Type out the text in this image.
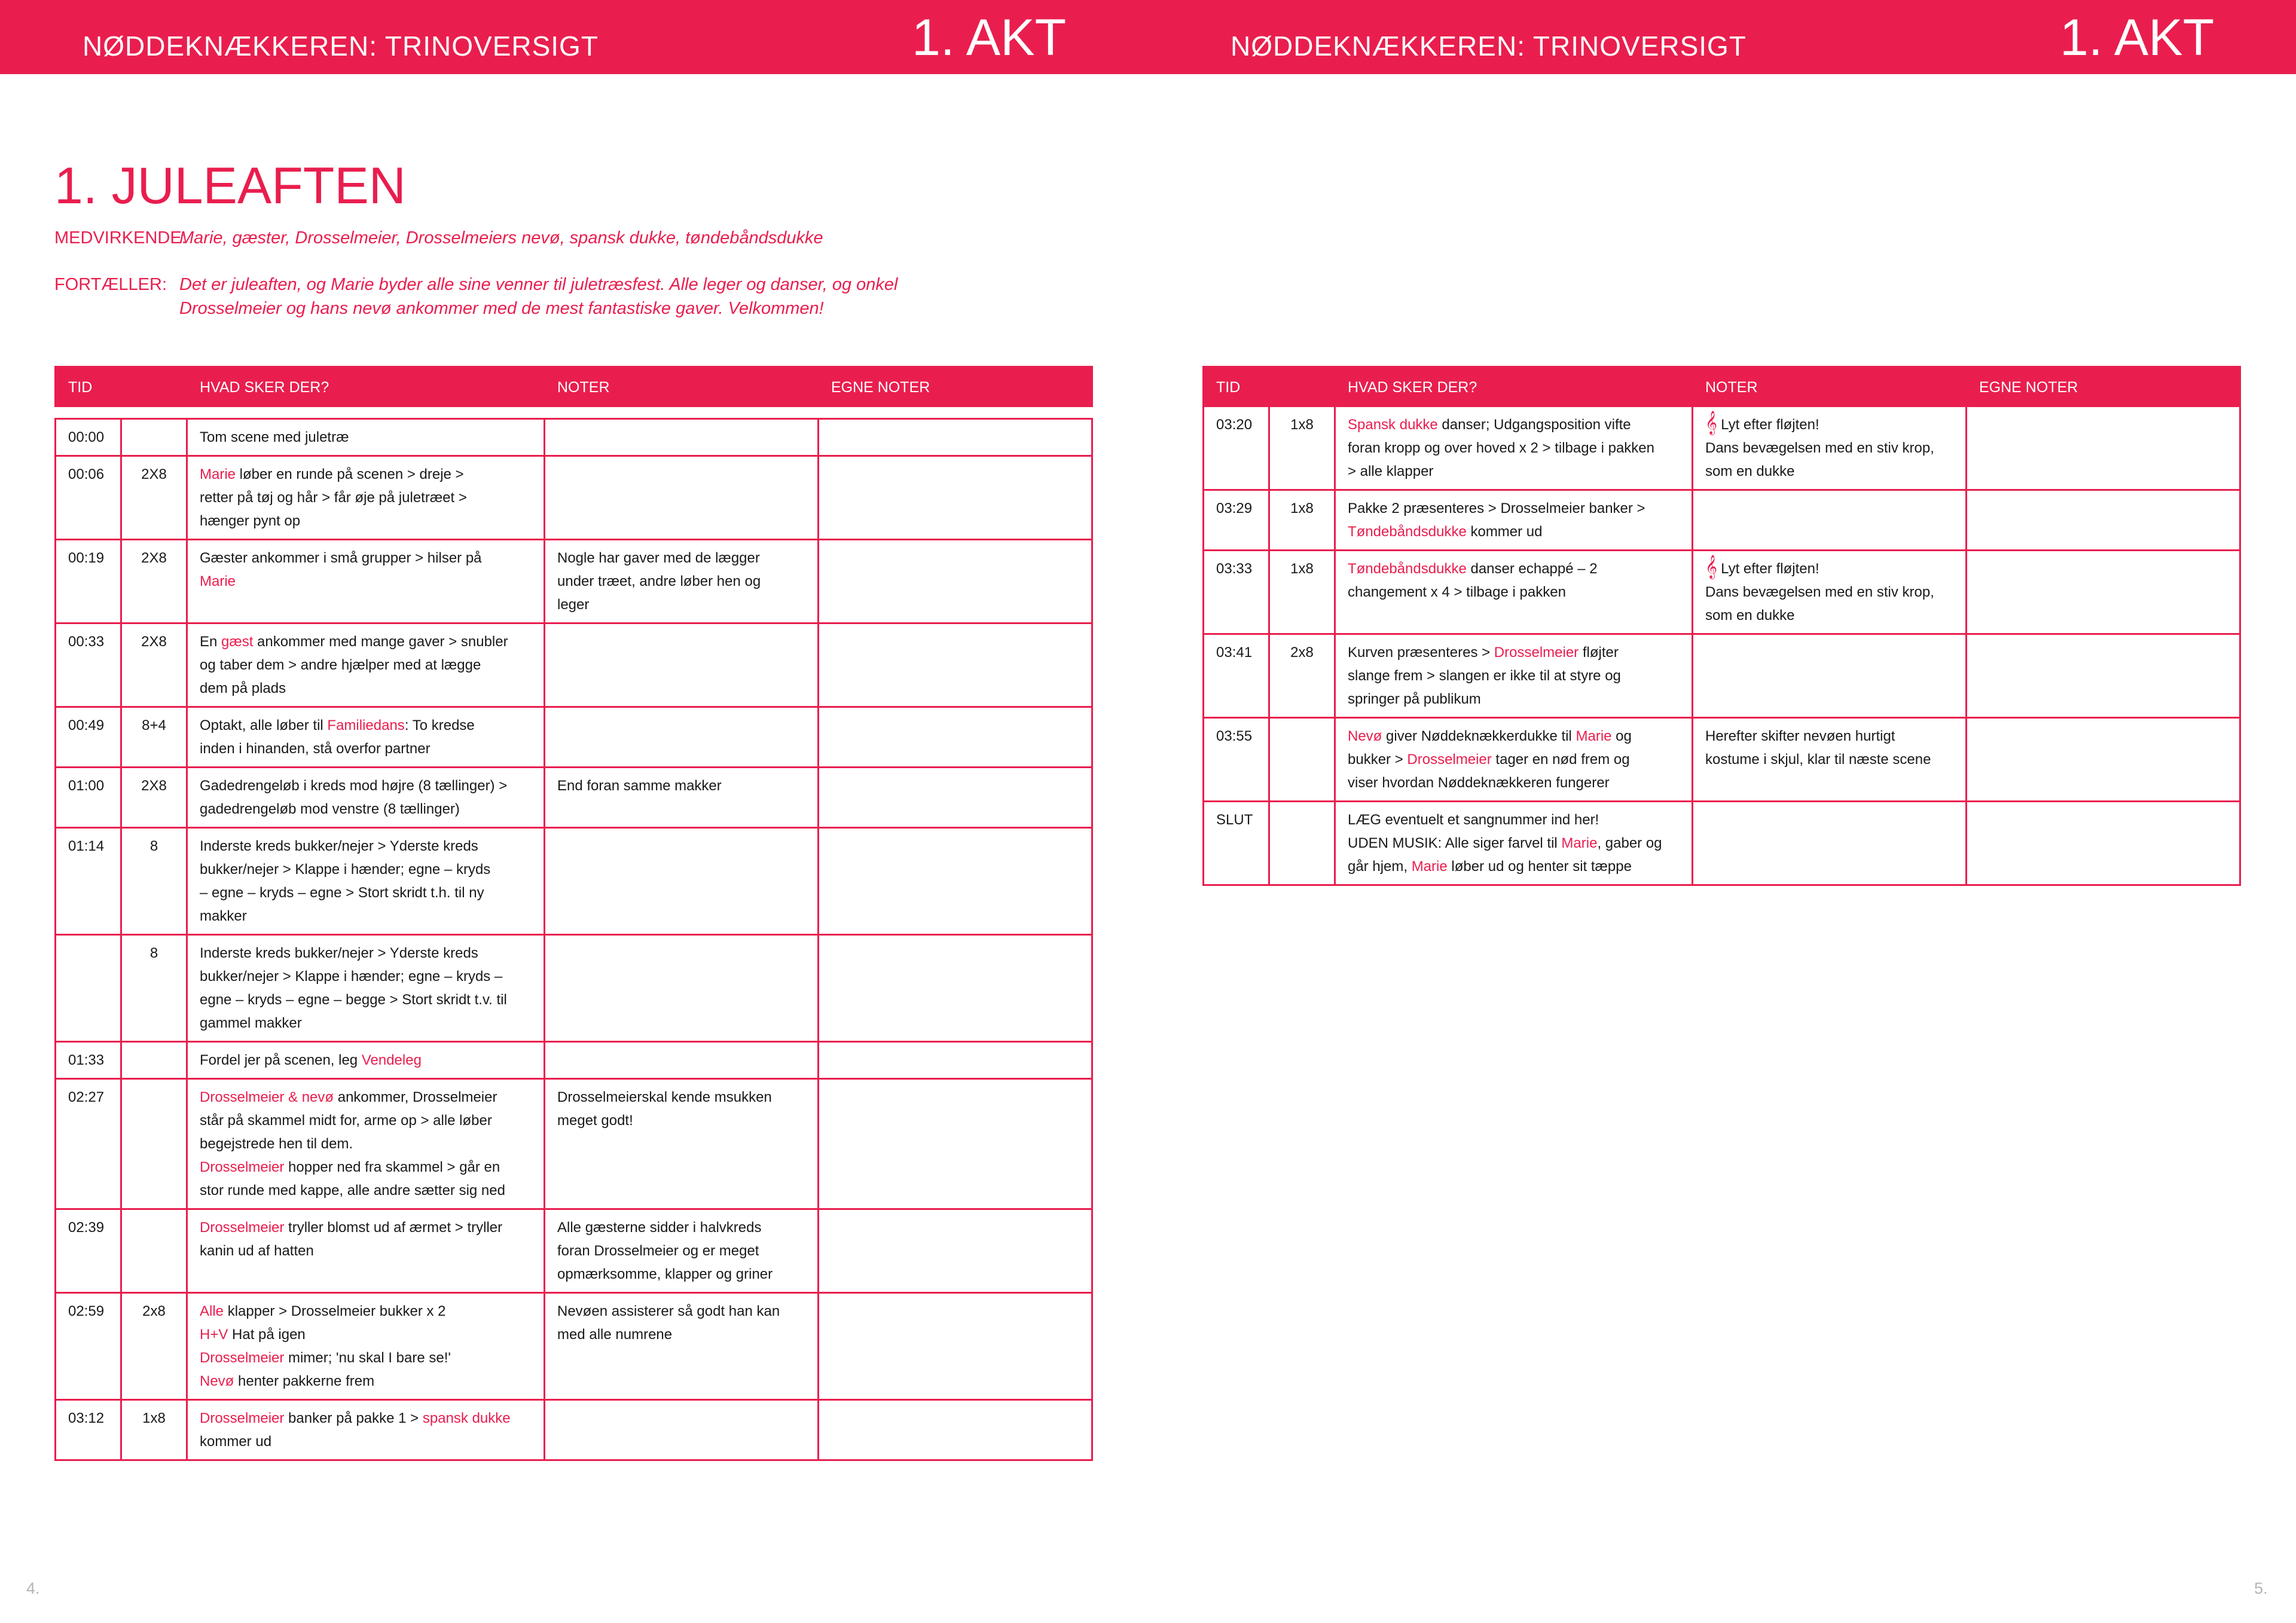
NØDDEKNÆKKEREN: TRINOVERSIGT	1. AKT
1. JULEAFTEN
MEDVIRKENDE:
Marie, gæster, Drosselmeier, Drosselmeiers nevø, spansk dukke, tøndebåndsdukke
FORTÆLLER: Det er juleaften, og Marie byder alle sine venner til juletræsfest. Alle leger og danser, og onkel
Drosselmeier og hans nevø ankommer med de mest fantastiske gaver. Velkommen!
TID		HVAD SKER DER?	NOTER	EGNE NOTER

00:00		Tom scene med juletræ		
00:06	2X8	Marie løber en runde på scenen > dreje >
retter på tøj og hår > får øje på juletræet >
hænger pynt op		
00:19	2X8	Gæster ankommer i små grupper > hilser på
Marie	Nogle har gaver med de lægger
under træet, andre løber hen og
leger	
00:33	2X8	En gæst ankommer med mange gaver > snubler
og taber dem > andre hjælper med at lægge
dem på plads		
00:49	8+4	Optakt, alle løber til Familiedans: To kredse
inden i hinanden, stå overfor partner		
01:00	2X8	Gadedrengeløb i kreds mod højre (8 tællinger) >
gadedrengeløb mod venstre (8 tællinger)	End foran samme makker	
01:14	8	Inderste kreds bukker/nejer > Yderste kreds
bukker/nejer > Klappe i hænder; egne – kryds
– egne – kryds – egne > Stort skridt t.h. til ny
makker		
	8	Inderste kreds bukker/nejer > Yderste kreds
bukker/nejer > Klappe i hænder; egne – kryds –
egne – kryds – egne – begge > Stort skridt t.v. til
gammel makker		
01:33		Fordel jer på scenen, leg Vendeleg		
02:27		Drosselmeier & nevø ankommer, Drosselmeier
står på skammel midt for, arme op > alle løber
begejstrede hen til dem.
Drosselmeier hopper ned fra skammel > går en
stor runde med kappe, alle andre sætter sig ned	Drosselmeierskal kende msukken
meget godt!	
02:39		Drosselmeier tryller blomst ud af ærmet > tryller
kanin ud af hatten	Alle gæsterne sidder i halvkreds
foran Drosselmeier og er meget
opmærksomme, klapper og griner	
02:59	2x8	Alle klapper > Drosselmeier bukker x 2
H+V Hat på igen
Drosselmeier mimer; 'nu skal I bare se!'
Nevø henter pakkerne frem	Nevøen assisterer så godt han kan
med alle numrene	
03:12	1x8	Drosselmeier banker på pakke 1 > spansk dukke
kommer ud		
4.
NØDDEKNÆKKEREN: TRINOVERSIGT	1. AKT
TID		HVAD SKER DER?	NOTER	EGNE NOTER
03:20	1x8	Spansk dukke danser; Udgangsposition vifte
foran kropp og over hoved x 2 > tilbage i pakken
> alle klapper	𝄞 Lyt efter fløjten!
Dans bevægelsen med en stiv krop,
som en dukke	
03:29	1x8	Pakke 2 præsenteres > Drosselmeier banker >
Tøndebåndsdukke kommer ud		
03:33	1x8	Tøndebåndsdukke danser echappé – 2
changement x 4 > tilbage i pakken	𝄞 Lyt efter fløjten!
Dans bevægelsen med en stiv krop,
som en dukke	
03:41	2x8	Kurven præsenteres > Drosselmeier fløjter
slange frem > slangen er ikke til at styre og
springer på publikum		
03:55		Nevø giver Nøddeknækkerdukke til Marie og
bukker > Drosselmeier tager en nød frem og
viser hvordan Nøddeknækkeren fungerer	Herefter skifter nevøen hurtigt
kostume i skjul, klar til næste scene	
SLUT		LÆG eventuelt et sangnummer ind her!
UDEN MUSIK: Alle siger farvel til Marie, gaber og
går hjem, Marie løber ud og henter sit tæppe		
5.
